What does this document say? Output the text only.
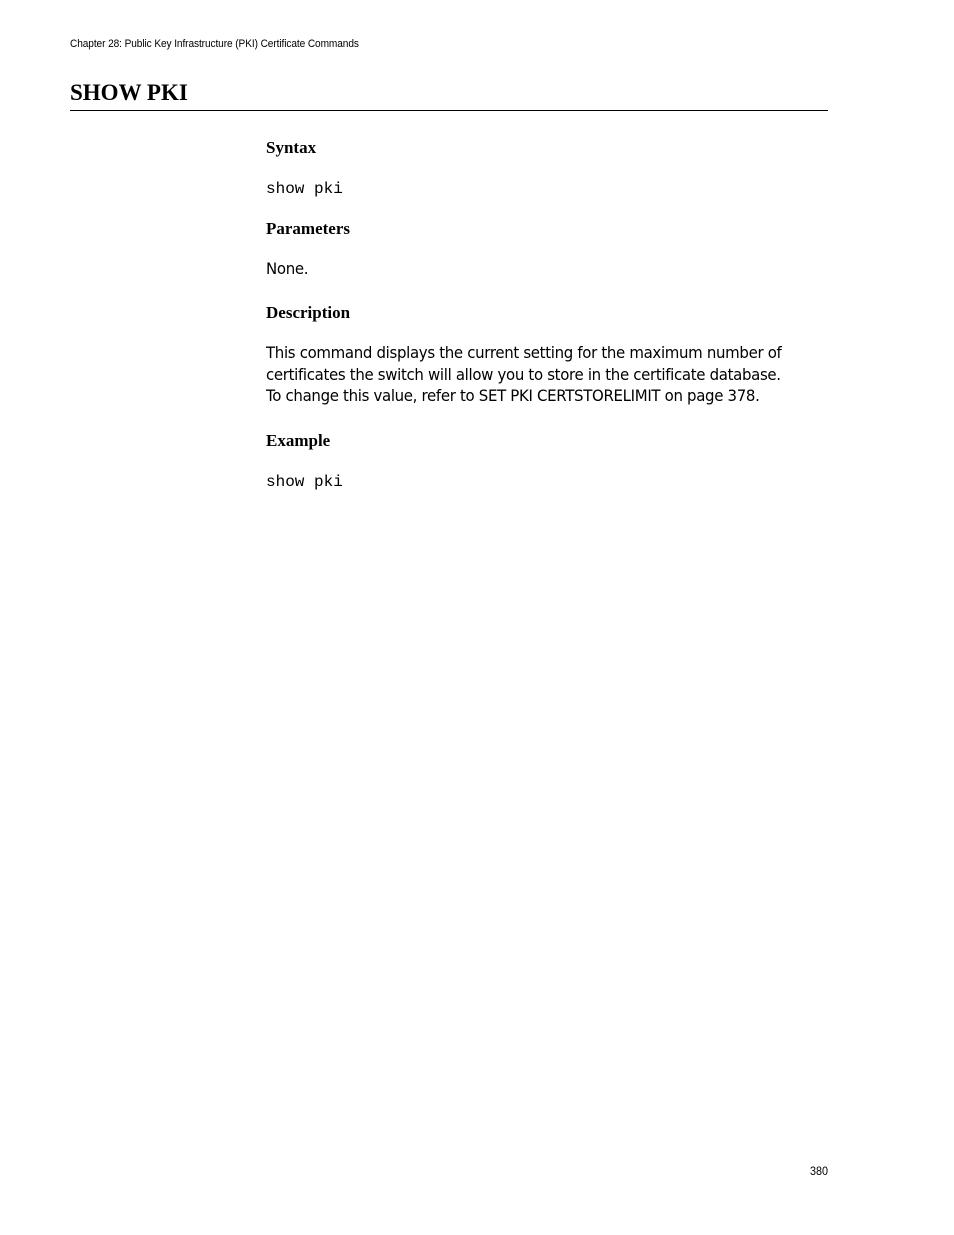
Chapter 28: Public Key Infrastructure (PKI) Certificate Commands
SHOW PKI
Syntax
show pki
Parameters

None.

Description

This command displays the current setting for the maximum number of
certificates the switch will allow you to store in the certificate database.
To change this value, refer to SET PKI CERTSTORELIMIT on page 378.

Example
show pki
380
